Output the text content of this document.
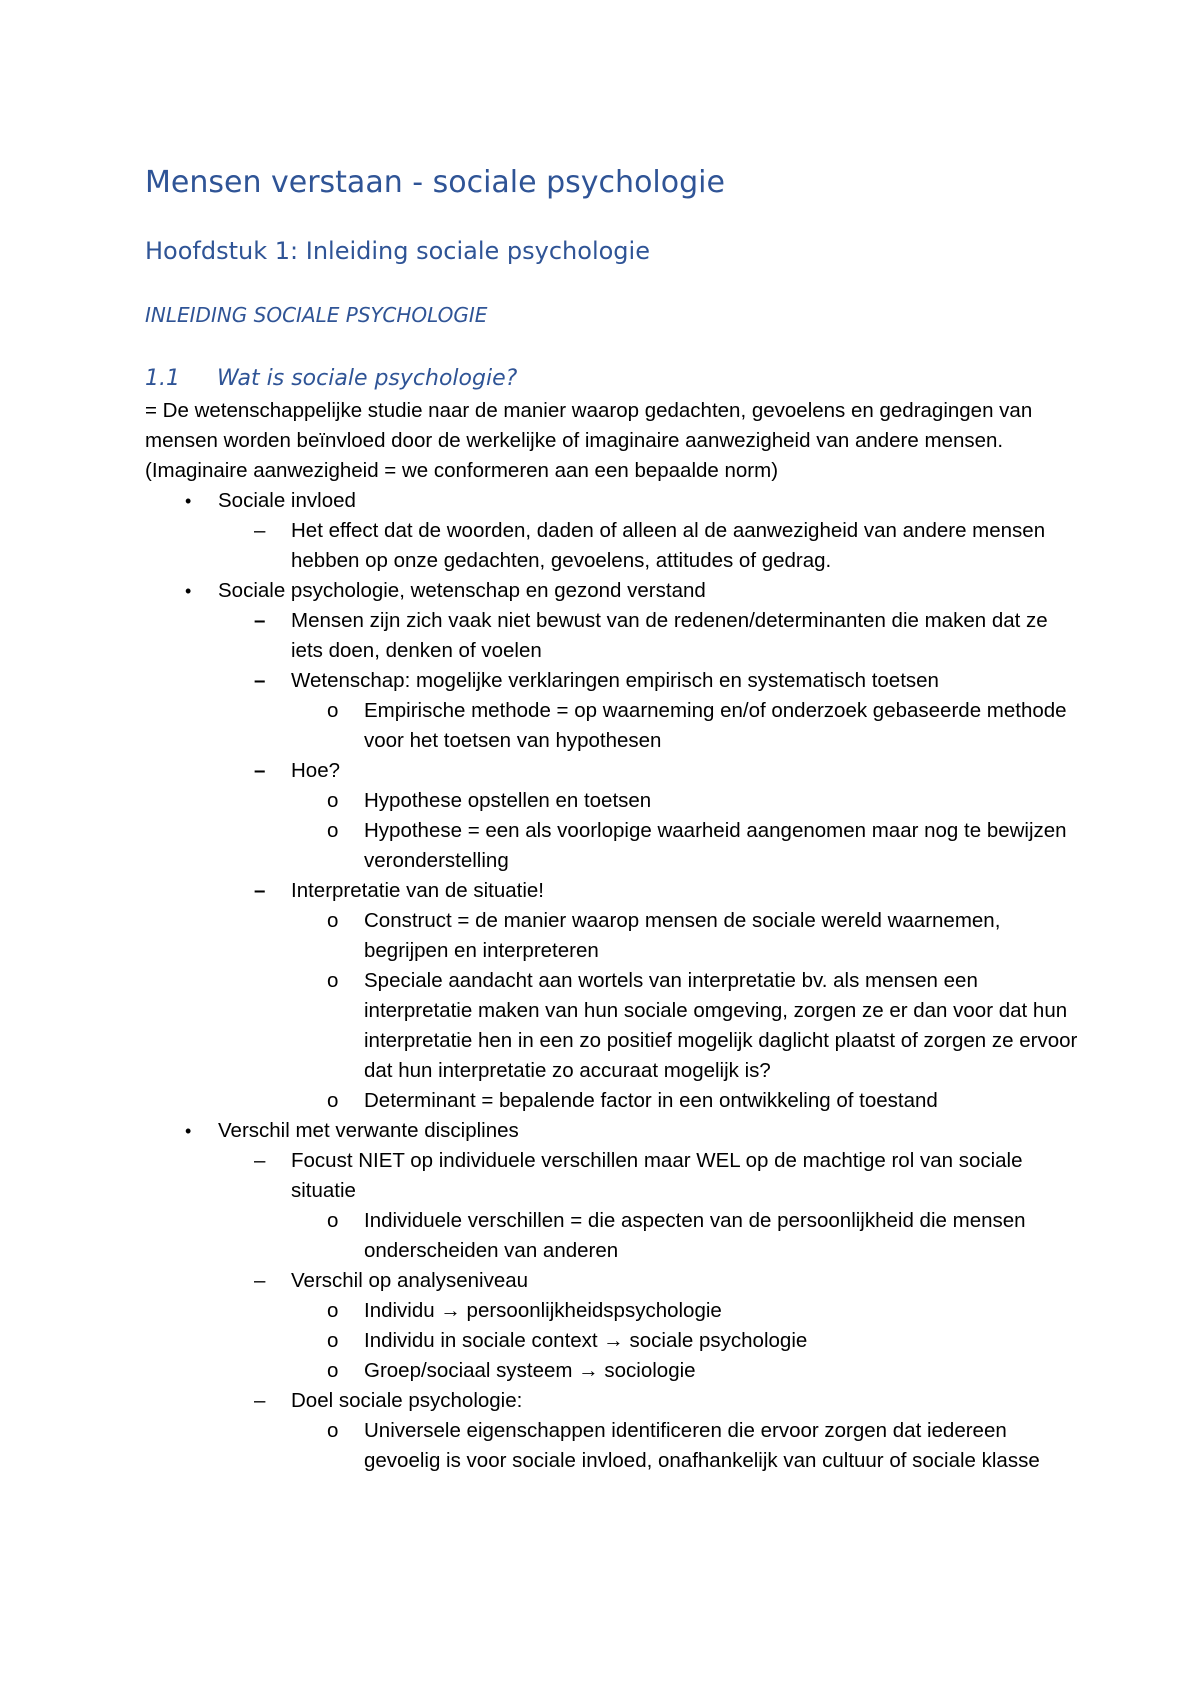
Mensen verstaan - sociale psychologie
Hoofdstuk 1: Inleiding sociale psychologie
INLEIDING SOCIALE PSYCHOLOGIE
1.1 Wat is sociale psychologie?

= De wetenschappelijke studie naar de manier waarop gedachten, gevoelens en gedragingen van mensen worden beïnvloed door de werkelijke of imaginaire aanwezigheid van andere mensen. (Imaginaire aanwezigheid = we conformeren aan een bepaalde norm)

• Sociale invloed
– Het effect dat de woorden, daden of alleen al de aanwezigheid van andere mensen hebben op onze gedachten, gevoelens, attitudes of gedrag.
• Sociale psychologie, wetenschap en gezond verstand
– Mensen zijn zich vaak niet bewust van de redenen/determinanten die maken dat ze iets doen, denken of voelen
– Wetenschap: mogelijke verklaringen empirisch en systematisch toetsen
o Empirische methode = op waarneming en/of onderzoek gebaseerde methode voor het toetsen van hypothesen
– Hoe?
o Hypothese opstellen en toetsen
o Hypothese = een als voorlopige waarheid aangenomen maar nog te bewijzen veronderstelling
– Interpretatie van de situatie!
o Construct = de manier waarop mensen de sociale wereld waarnemen, begrijpen en interpreteren
o Speciale aandacht aan wortels van interpretatie bv. als mensen een interpretatie maken van hun sociale omgeving, zorgen ze er dan voor dat hun interpretatie hen in een zo positief mogelijk daglicht plaatst of zorgen ze ervoor dat hun interpretatie zo accuraat mogelijk is?
o Determinant = bepalende factor in een ontwikkeling of toestand
• Verschil met verwante disciplines
– Focust NIET op individuele verschillen maar WEL op de machtige rol van sociale situatie
o Individuele verschillen = die aspecten van de persoonlijkheid die mensen onderscheiden van anderen
– Verschil op analyseniveau
o Individu → persoonlijkheidspsychologie
o Individu in sociale context → sociale psychologie
o Groep/sociaal systeem → sociologie
– Doel sociale psychologie:
o Universele eigenschappen identificeren die ervoor zorgen dat iedereen gevoelig is voor sociale invloed, onafhankelijk van cultuur of sociale klasse
